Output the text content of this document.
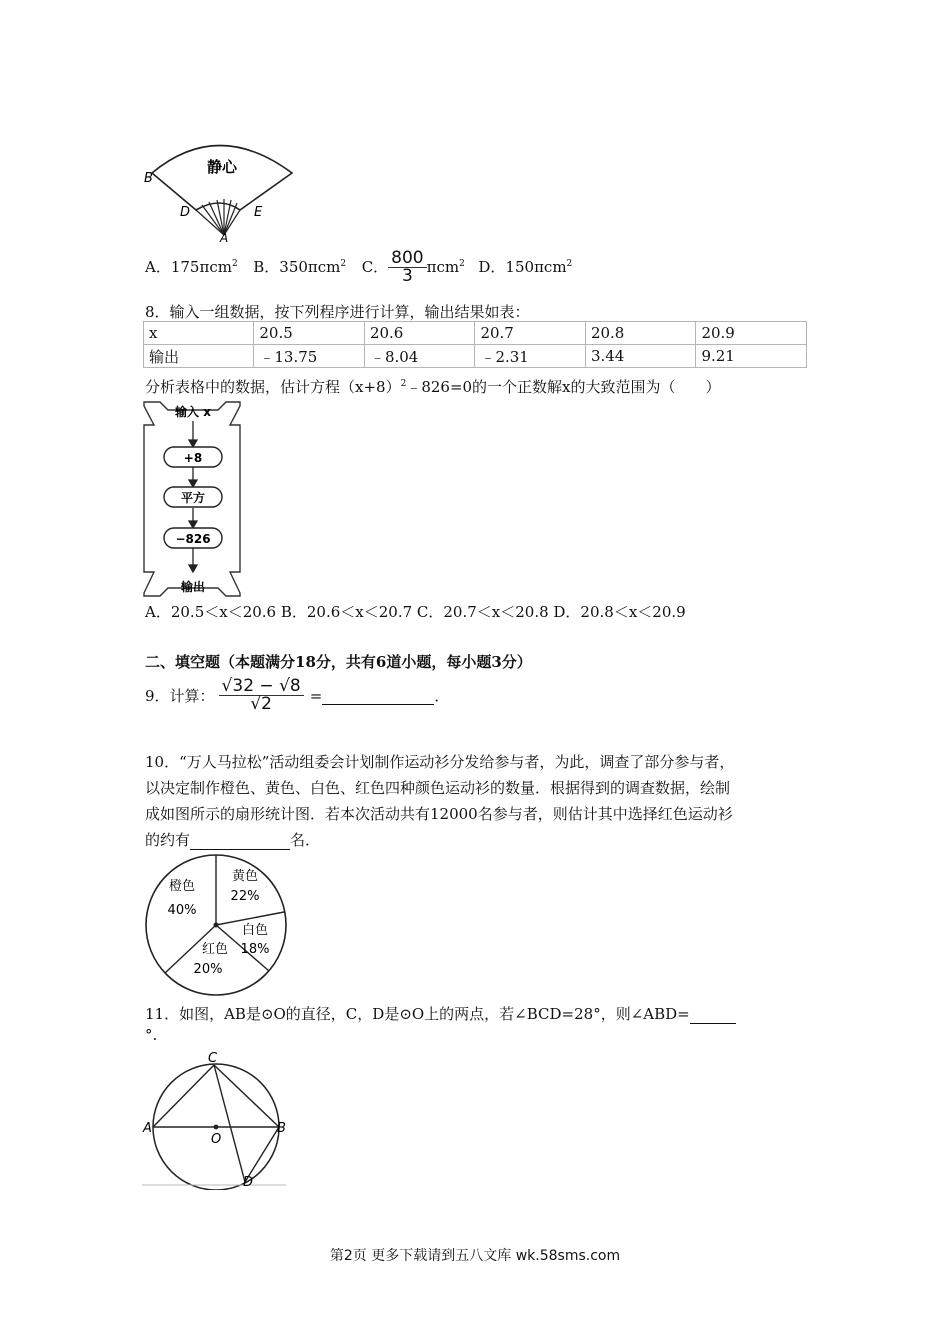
静心
B
D	E
A
A．175πcm$^2$ B．350πcm$^2$ C． $\frac{800}{3} \pi cm^2$ D．150πcm$^2$
8．输入一组数据，按下列程序进行计算，输出结果如表：
x	20.5	20.6	20.7	20.8	20.9
输出	﹣13.75	﹣8.04	﹣2.31	3.44	9.21
分析表格中的数据，估计方程$(x+8)^2﹣826=0$的一个正数解x的大致范围为（　　）
输入 x
+8
平方
−826
输出
A．20.5＜x＜20.6 B．20.6＜x＜20.7 C．20.7＜x＜20.8 D．20.8＜x＜20.9
二、填空题（本题满分18分，共有6道小题，每小题3分）
9．计算： $\frac{√32 - √8}{√2}$ =	．
10．“万人马拉松”活动组委会计划制作运动衫分发给参与者，为此，调查了部分参与者，
以决定制作橙色、黄色、白色、红色四种颜色运动衫的数量．根据得到的调查数据，绘制
成如图所示的扇形统计图．若本次活动共有12000名参与者，则估计其中选择红色运动衫
的约有	名．
橙色
40%
黄色
22%
白色
18%
红色
20%
11．如图，AB是⊙O的直径，C，D是⊙O上的两点，若∠BCD=28°，则∠ABD=
°.
C
A
O
B
D
第2页 更多下载请到五八文库 wk.58sms.com
